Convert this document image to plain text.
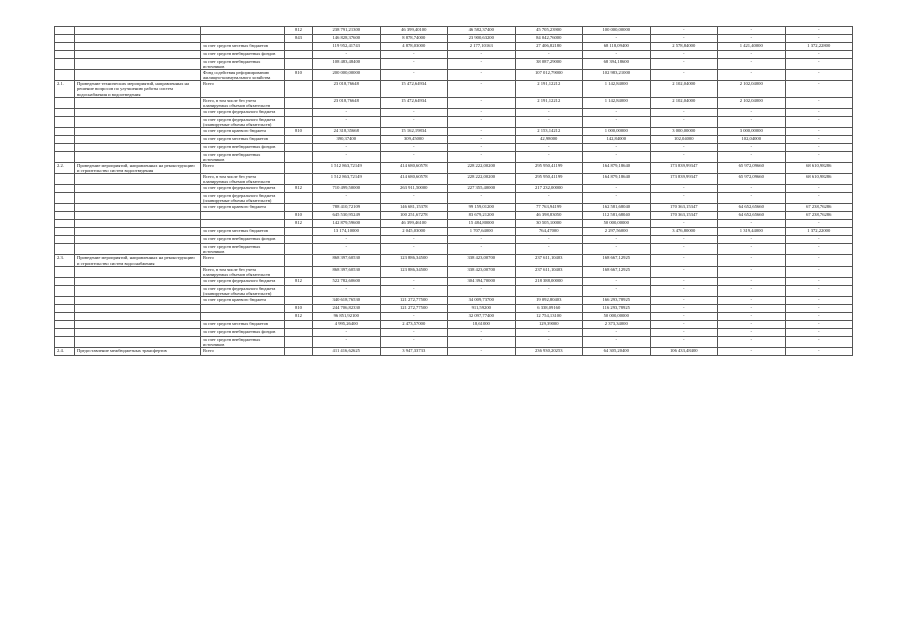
			812	238 791,21300	46 399,40100	46 582,37400	45 705,23900	100 000,00000	-	-	-
			843	146 828,37600	8 878,74000	23 900,63200	84 042,76000	-	-	-	-
		за счет средств местных бюджетов		119 952,41743	4 878,03000	2 177,10163	27 406,82180	68 118,09400	2 578,84000	1 421,40000	1 372,22800
		за счет средств внебюджетных фондов		-	-	-	-	-	-	-	-
		за счет средств внебюджетных источников		108 483,48400	-	-	38 087,29000	68 394,18600	-	-	-
		Фонд содействия реформированию жилищно-коммунального хозяйства	810	200 000,00000	-	-	107 012,79000	102 983,21000	-	-	-
2.1.	Проведение технических мероприятий, направленных на решение вопросов по улучшению работы систем водоснабжения и водоотведения	Всего		23 018,76648	15 472,64934	-	2 191,12212	1 142,84000	2 102,04000	2 102,04000	-
		Всего, в том числе без учета планируемых объемов обязательств		23 018,76648	15 472,64934	-	2 191,12212	1 142,84000	2 102,04000	2 102,04000	-
		за счет средств федерального бюджета		-	-	-	-	-	-	-	-
		за счет средств федерального бюджета (планируемые объемы обязательств)		-	-	-	-	-	-	-	-
		за счет средств краевого бюджета	810	24 318,35668	15 162,19834	-	2 153,14212	1 000,00000	3 000,00000	3 000,00000	-
		за счет средств местных бюджетов		390,37400	309,45000	-	42,98000	142,84000	102,04000	102,04000	-
		за счет средств внебюджетных фондов		-	-	-	-	-	-	-	-
		за счет средств внебюджетных источников		-	-	-	-	-	-	-	-
2.2.	Проведение мероприятий, направленных на реконструкцию и строительство систем водоотведения	Всего		1 512 863,72149	414 680,60578	228 222,00200	295 950,41199	164 879,18640	173 839,99347	65 972,09660	68 610,98286
		Всего, в том числе без учета планируемых объемов обязательств		1 512 863,72149	414 680,60578	228 222,00200	295 950,41199	164 879,18640	173 839,99347	65 972,09660	68 610,98286
		за счет средств федерального бюджета	812	710 499,50000	263 911,50000	227 355,40000	217 232,00000	-	-	-	-
		за счет средств федерального бюджета (планируемые объемы обязательств)		-	-	-	-	-	-	-	-
		за счет средств краевого бюджета		788 410,72109	146 681,15378	99 159,01200	77 763,94199	162 581,68040	170 363,15347	64 652,65660	67 238,76286
			810	645 530,95249	100 251,67278	83 679,21200	46 398,83050	112 581,68040	170 363,15347	64 652,65660	67 238,76286
			812	142 879,59600	46 399,46100	15 484,80000	30 505,10000	50 000,00000	-	-	-
		за счет средств местных бюджетов		13 174,10000	2 045,03000	1 707,64000	764,47000	2 297,56000	3 476,80000	1 319,44000	1 372,22000
		за счет средств внебюджетных фондов		-	-	-	-	-	-	-	-
		за счет средств внебюджетных источников		-	-	-	-	-	-	-	-
2.3.	Проведение мероприятий, направленных на реконструкцию и строительство систем водоснабжения	Всего		868 397,60530	123 886,34500	338 423,00700	237 611,10403	168 667,12925	-	-	-
		Всего, в том числе без учета планируемых объемов обязательств		868 397,60530	123 886,34500	338 423,00700	237 611,10403	168 667,12925	-	-	-
		за счет средств федерального бюджета	812	522 782,60600	-	304 394,70000	218 388,00000	-	-	-	-
		за счет средств федерального бюджета (планируемые объемы обязательств)		-	-	-	-	-	-	-	-
		за счет средств краевого бюджета		340 618,76530	121 272,77500	34 009,73700	19 092,80403	166 293,78925	-	-	-
			810	244 706,82330	121 272,77500	911,59200	6 338,09160	116 293,78925	-	-	-
			812	96 851,92100	-	32 097,77400	12 754,13100	50 000,00000	-	-	-
		за счет средств местных бюджетов		4 995,26400	2 473,57000	18,61000	129,39000	2 373,34000	-	-	-
		за счет средств внебюджетных фондов		-	-	-	-	-	-	-	-
		за счет средств внебюджетных источников		-	-	-	-	-	-	-	-
2.4.	Предоставление межбюджетных трансфертов	Всего		411 416,62625	3 947,33733	-	236 930,20253	64 305,20400	106 433,48400	-	-
